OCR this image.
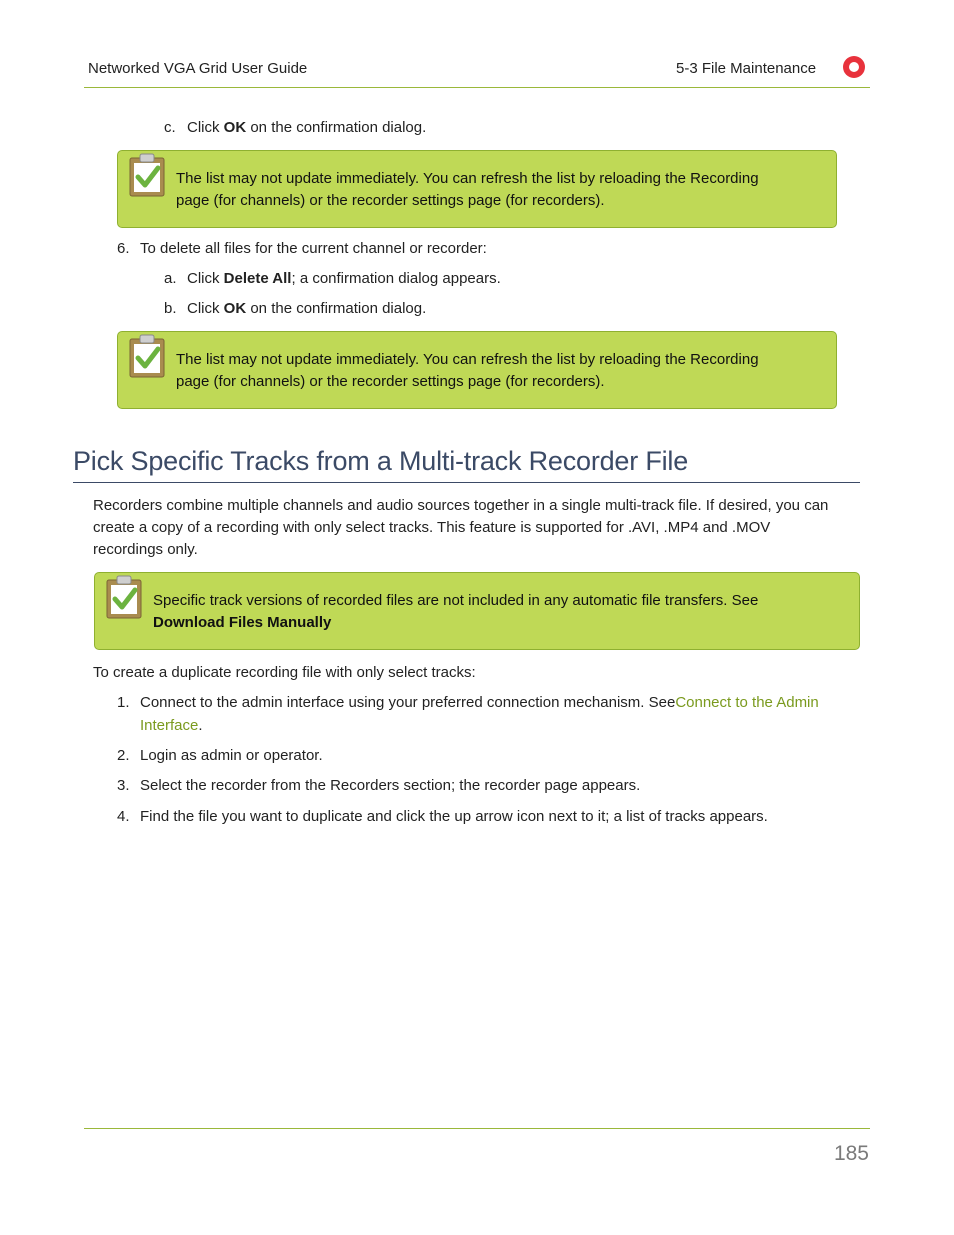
Networked VGA Grid User Guide	5-3 File Maintenance
c. Click OK on the confirmation dialog.
The list may not update immediately. You can refresh the list by reloading the Recording
page (for channels) or the recorder settings page (for recorders).
6. To delete all files for the current channel or recorder:
a. Click Delete All; a confirmation dialog appears.
b. Click OK on the confirmation dialog.
The list may not update immediately. You can refresh the list by reloading the Recording
page (for channels) or the recorder settings page (for recorders).
Pick Specific Tracks from a Multi-track Recorder File
Recorders combine multiple channels and audio sources together in a single multi-track file. If desired, you can
create a copy of a recording with only select tracks. This feature is supported for .AVI, .MP4 and .MOV
recordings only.
Specific track versions of recorded files are not included in any automatic file transfers. See
Download Files Manually
To create a duplicate recording file with only select tracks:
1. Connect to the admin interface using your preferred connection mechanism. SeeConnect to the Admin
Interface.
2. Login as admin or operator.
3. Select the recorder from the Recorders section; the recorder page appears.
4. Find the file you want to duplicate and click the up arrow icon next to it; a list of tracks appears.
185
